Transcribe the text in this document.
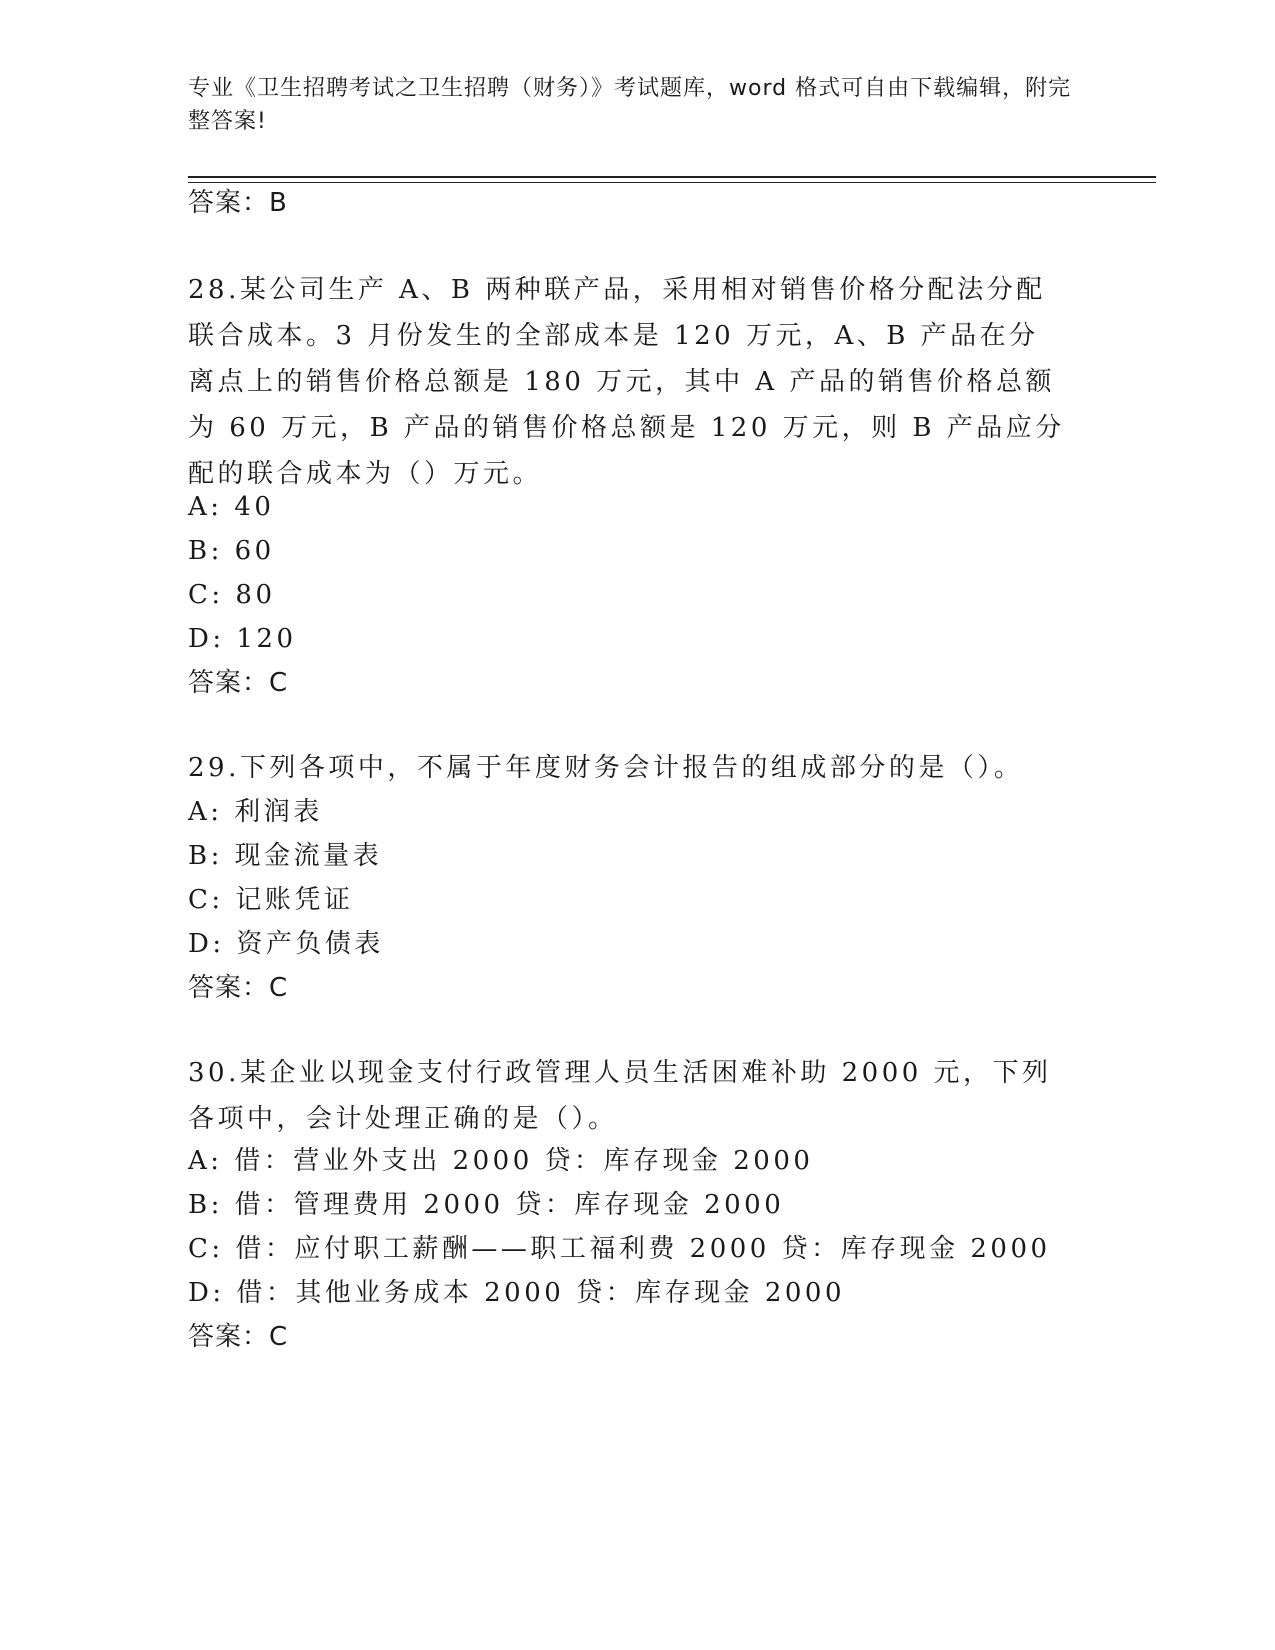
专业《卫生招聘考试之卫生招聘（财务）》考试题库，word 格式可自由下载编辑，附完整答案!
答案：B

28.某公司生产 A、B 两种联产品，采用相对销售价格分配法分配联合成本。3 月份发生的全部成本是 120 万元，A、B 产品在分离点上的销售价格总额是 180 万元，其中 A 产品的销售价格总额为 60 万元，B 产品的销售价格总额是 120 万元，则 B 产品应分配的联合成本为（）万元。

A: 40
B: 60
C: 80
D: 120
答案：C

29.下列各项中，不属于年度财务会计报告的组成部分的是（）。

A: 利润表
B: 现金流量表
C: 记账凭证
D: 资产负债表
答案：C

30.某企业以现金支付行政管理人员生活困难补助 2000 元，下列各项中，会计处理正确的是（）。

A: 借：营业外支出 2000 贷：库存现金 2000
B: 借：管理费用 2000 贷：库存现金 2000
C: 借：应付职工薪酬——职工福利费 2000 贷：库存现金 2000
D: 借：其他业务成本 2000 贷：库存现金 2000
答案：C
